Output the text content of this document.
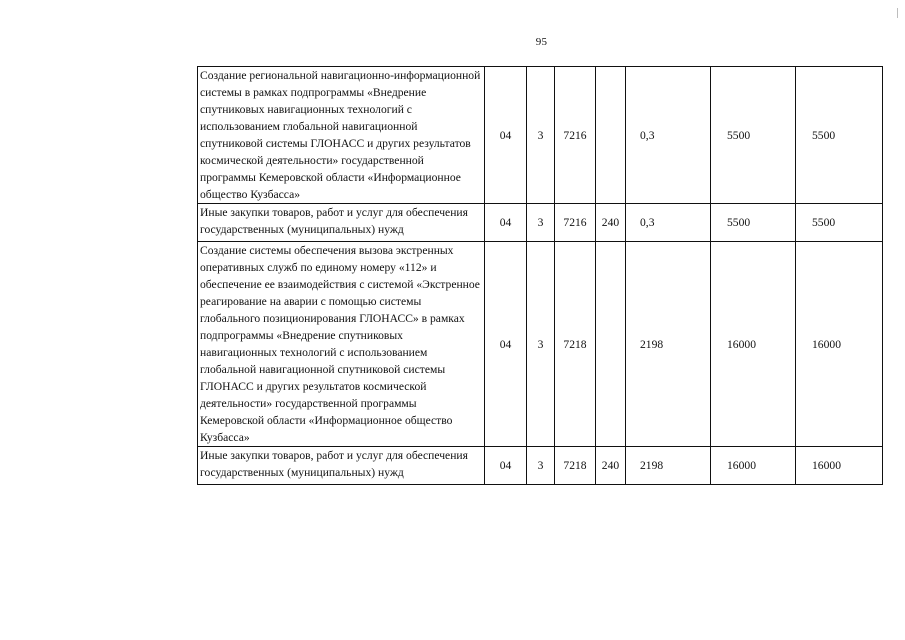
95
Создание региональной навигационно-информационной системы в рамках подпрограммы «Внедрение спутниковых навигационных технологий с использованием глобальной навигационной спутниковой системы ГЛОНАСС и других результатов космической деятельности» государственной программы Кемеровской области «Информационное общество Кузбасса»	04	3	7216		0,3	5500	5500
Иные закупки товаров, работ и услуг для обеспечения государственных (муниципальных) нужд	04	3	7216	240	0,3	5500	5500
Создание системы обеспечения вызова экстренных оперативных служб по единому номеру «112» и обеспечение ее взаимодействия с системой «Экстренное реагирование на аварии с помощью системы глобального позиционирования ГЛОНАСС» в рамках подпрограммы «Внедрение спутниковых навигационных технологий с использованием глобальной навигационной спутниковой системы ГЛОНАСС и других результатов космической деятельности» государственной программы Кемеровской области «Информационное общество Кузбасса»	04	3	7218		2198	16000	16000
Иные закупки товаров, работ и услуг для обеспечения государственных (муниципальных) нужд	04	3	7218	240	2198	16000	16000
